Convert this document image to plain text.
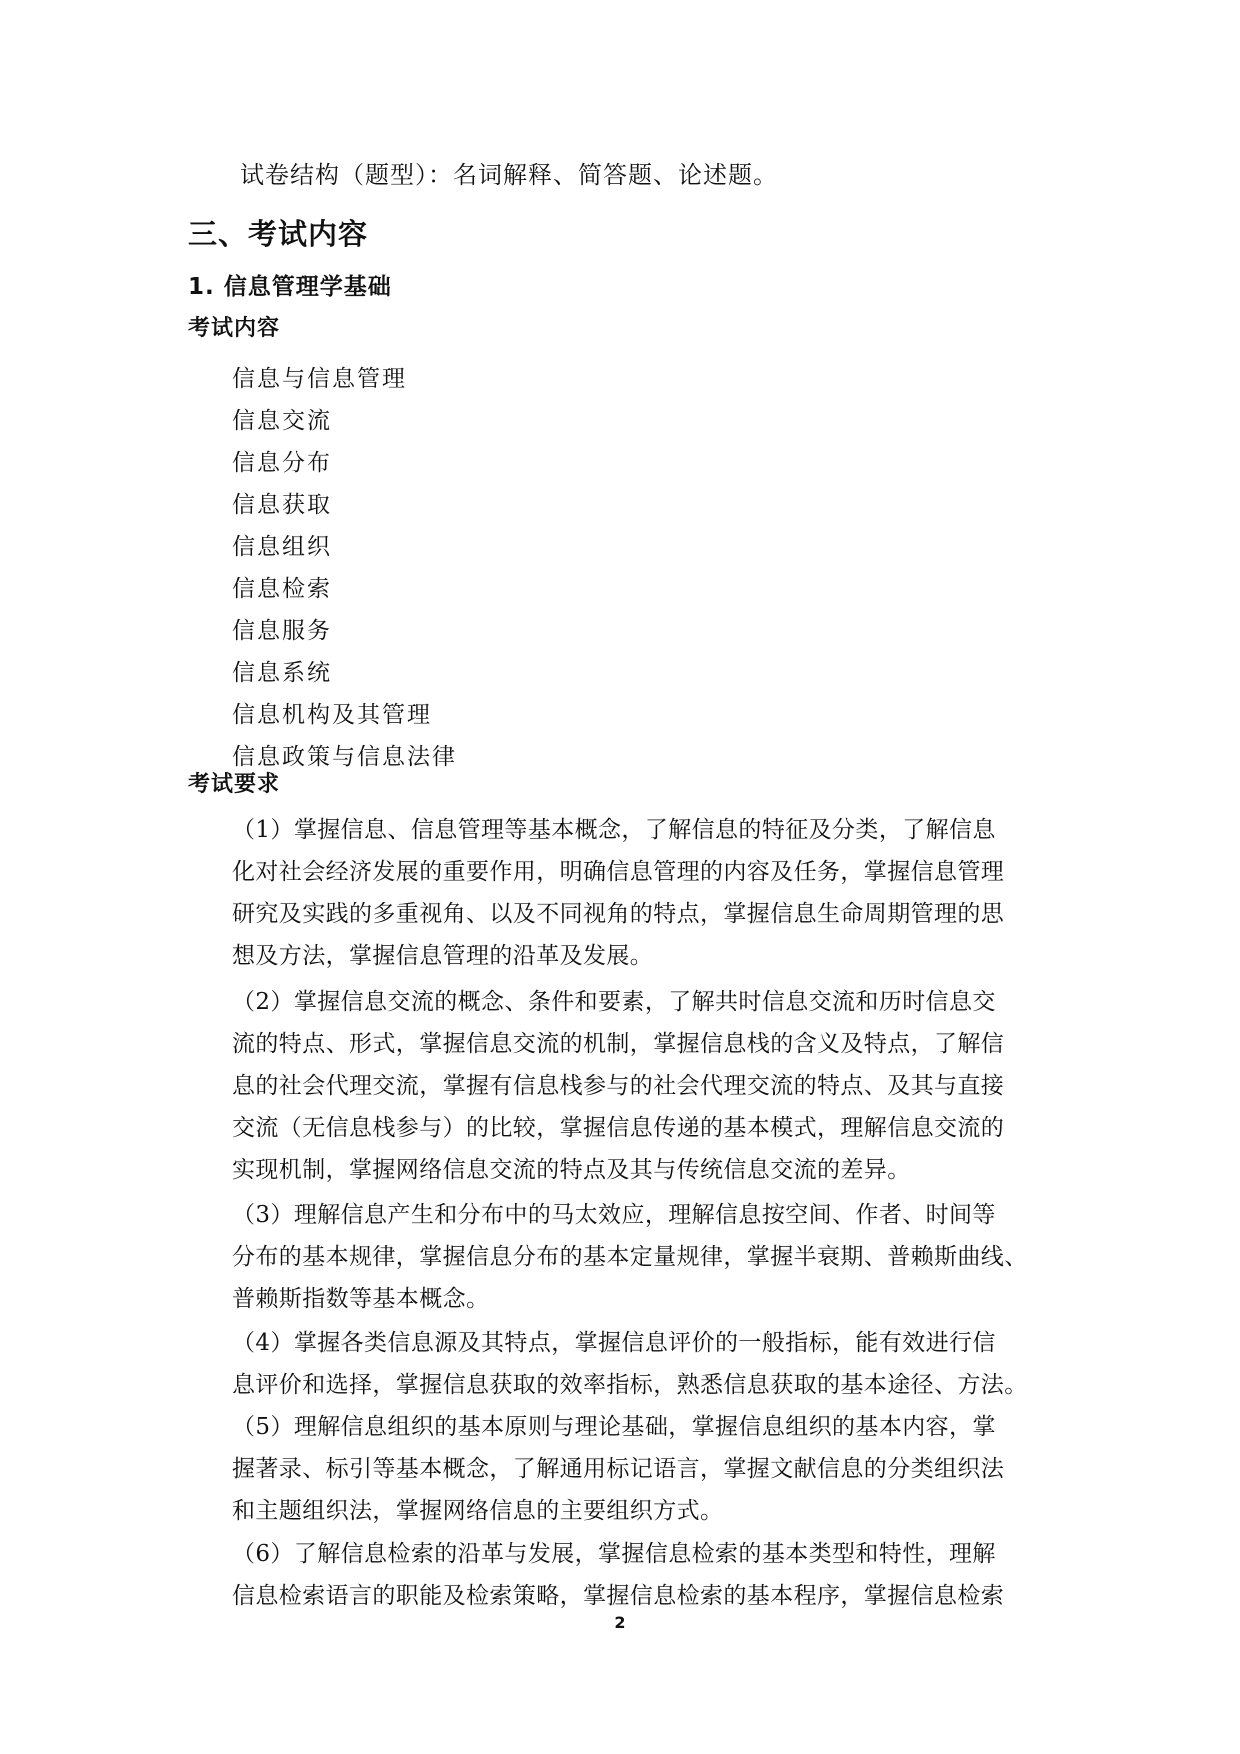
试卷结构（题型）：名词解释、简答题、论述题。
三、考试内容
1. 信息管理学基础
考试内容
信息与信息管理
信息交流
信息分布
信息获取
信息组织
信息检索
信息服务
信息系统
信息机构及其管理
信息政策与信息法律
考试要求
（1）掌握信息、信息管理等基本概念，了解信息的特征及分类，了解信息
化对社会经济发展的重要作用，明确信息管理的内容及任务，掌握信息管理
研究及实践的多重视角、以及不同视角的特点，掌握信息生命周期管理的思
想及方法，掌握信息管理的沿革及发展。
（2）掌握信息交流的概念、条件和要素，了解共时信息交流和历时信息交
流的特点、形式，掌握信息交流的机制，掌握信息栈的含义及特点，了解信
息的社会代理交流，掌握有信息栈参与的社会代理交流的特点、及其与直接
交流（无信息栈参与）的比较，掌握信息传递的基本模式，理解信息交流的
实现机制，掌握网络信息交流的特点及其与传统信息交流的差异。
（3）理解信息产生和分布中的马太效应，理解信息按空间、作者、时间等
分布的基本规律，掌握信息分布的基本定量规律，掌握半衰期、普赖斯曲线、
普赖斯指数等基本概念。
（4）掌握各类信息源及其特点，掌握信息评价的一般指标，能有效进行信
息评价和选择，掌握信息获取的效率指标，熟悉信息获取的基本途径、方法。
（5）理解信息组织的基本原则与理论基础，掌握信息组织的基本内容，掌
握著录、标引等基本概念，了解通用标记语言，掌握文献信息的分类组织法
和主题组织法，掌握网络信息的主要组织方式。
（6）了解信息检索的沿革与发展，掌握信息检索的基本类型和特性，理解
信息检索语言的职能及检索策略，掌握信息检索的基本程序，掌握信息检索
2
